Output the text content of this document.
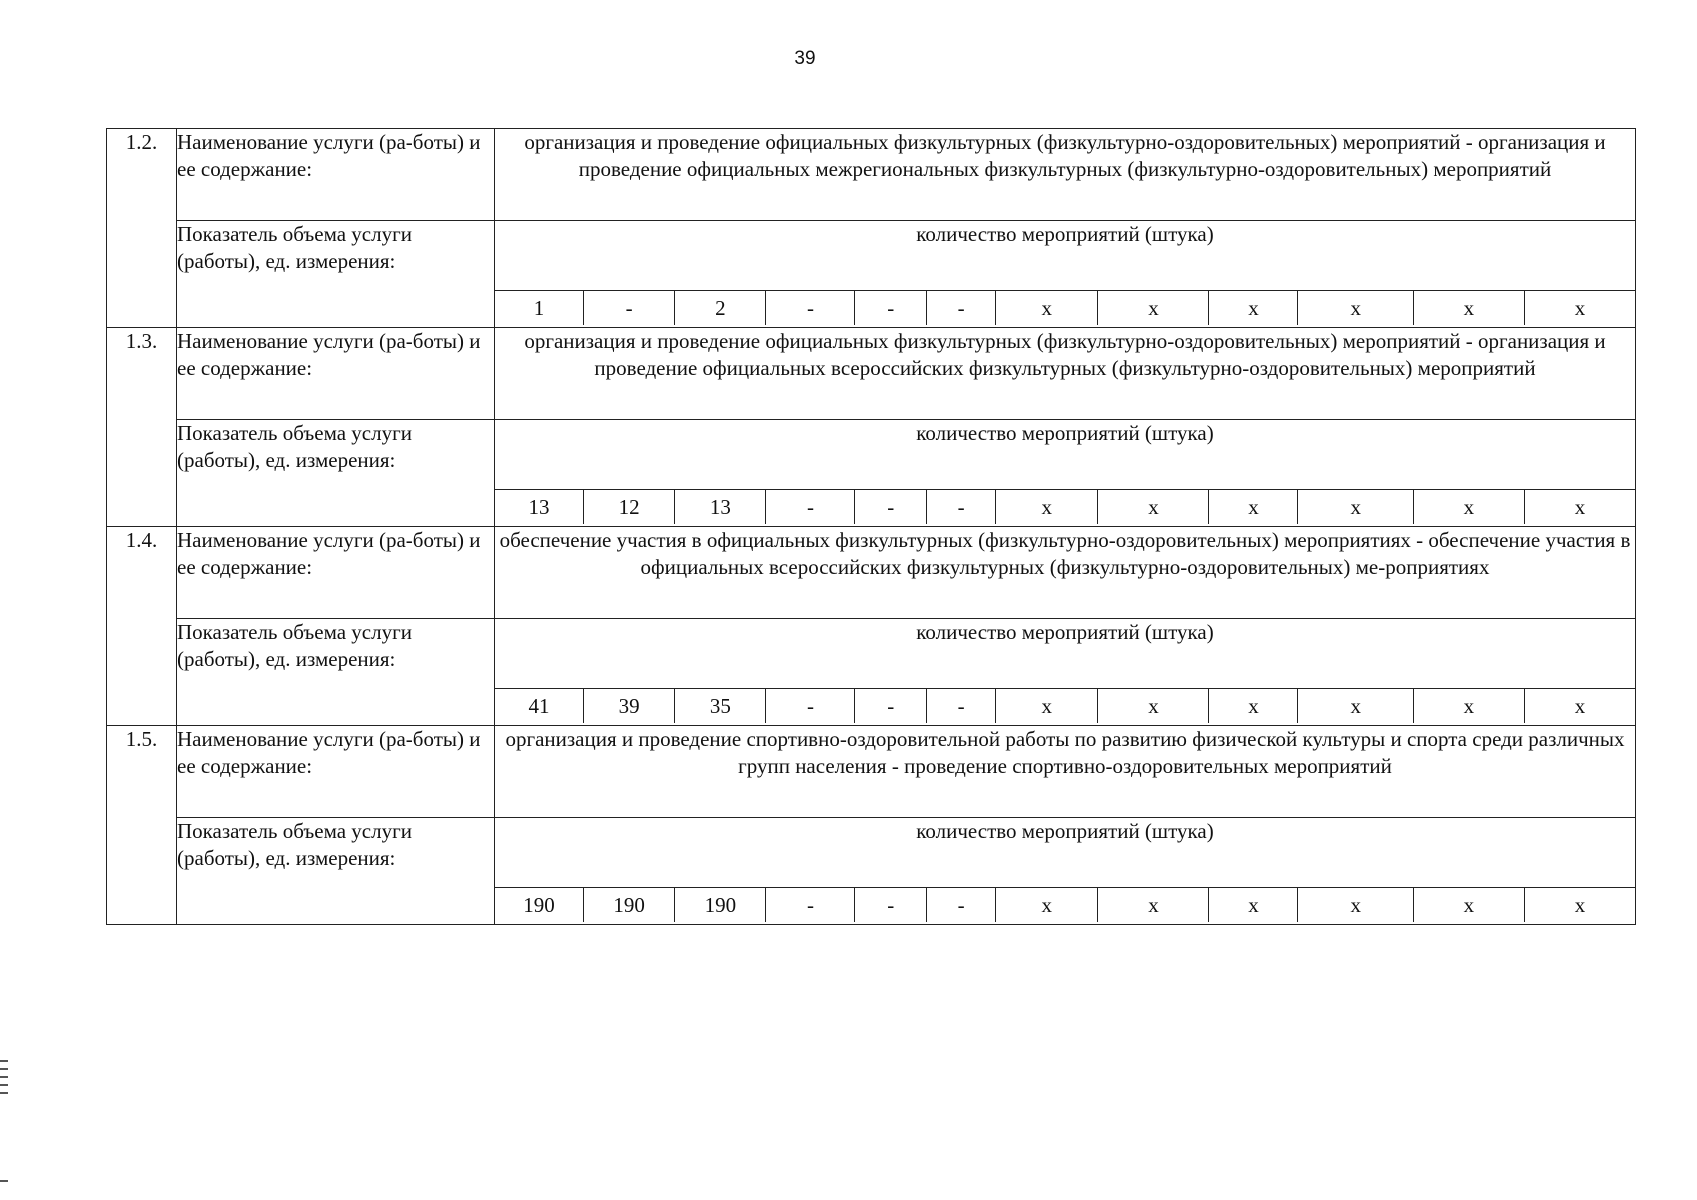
39
1.2.	Наименование услуги (ра-боты) и ее содержание:	организация и проведение официальных физкультурных (физкультурно-оздоровительных) мероприятий - организация и проведение официальных межрегиональных физкультурных (физкультурно-оздоровительных) мероприятий
Показатель объема услуги (работы), ед. измерения:	количество мероприятий (штука)

1	-	2	-	-	-	x	x	x	x	x	x

1.3.	Наименование услуги (ра-боты) и ее содержание:	организация и проведение официальных физкультурных (физкультурно-оздоровительных) мероприятий - организация и проведение официальных всероссийских физкультурных (физкультурно-оздоровительных) мероприятий
Показатель объема услуги (работы), ед. измерения:	количество мероприятий (штука)

13	12	13	-	-	-	x	x	x	x	x	x

1.4.	Наименование услуги (ра-боты) и ее содержание:	обеспечение участия в официальных физкультурных (физкультурно-оздоровительных) мероприятиях - обеспечение участия в официальных всероссийских физкультурных (физкультурно-оздоровительных) ме-роприятиях
Показатель объема услуги (работы), ед. измерения:	количество мероприятий (штука)

41	39	35	-	-	-	x	x	x	x	x	x

1.5.	Наименование услуги (ра-боты) и ее содержание:	организация и проведение спортивно-оздоровительной работы по развитию физической культуры и спорта среди различных групп населения - проведение спортивно-оздоровительных мероприятий
Показатель объема услуги (работы), ед. измерения:	количество мероприятий (штука)

190	190	190	-	-	-	x	x	x	x	x	x
